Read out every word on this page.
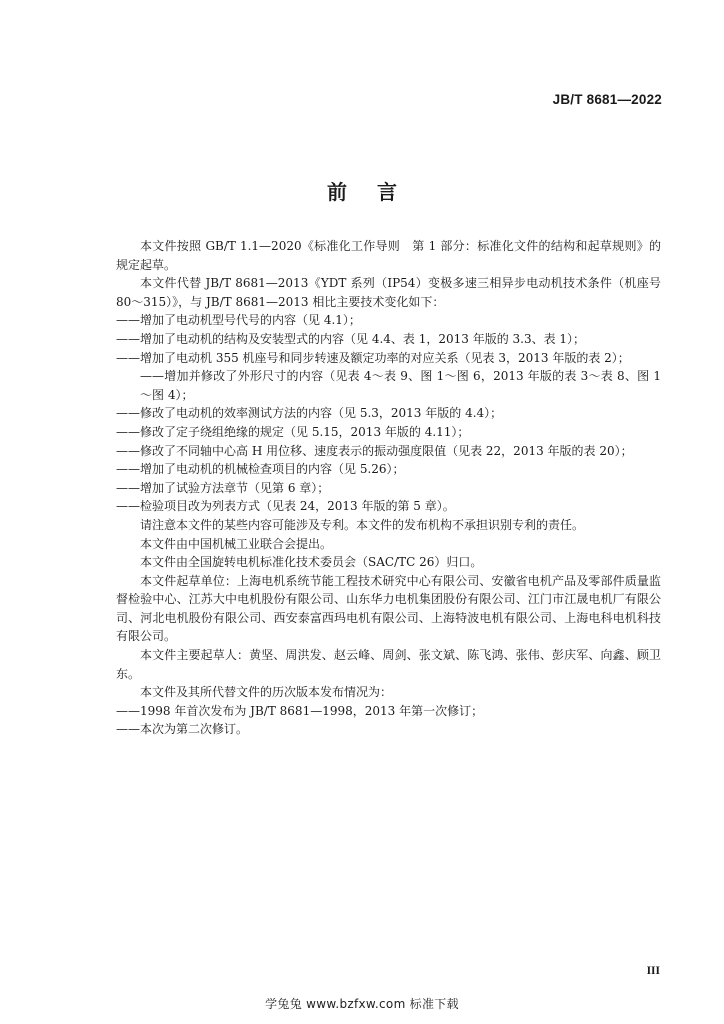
JB/T 8681—2022
前言

本文件按照 GB/T 1.1—2020《标准化工作导则　第 1 部分：标准化文件的结构和起草规则》的规定起草。

本文件代替 JB/T 8681—2013《YDT 系列（IP54）变极多速三相异步电动机技术条件（机座号 80～315）》，与 JB/T 8681—2013 相比主要技术变化如下：

——增加了电动机型号代号的内容（见 4.1）；

——增加了电动机的结构及安装型式的内容（见 4.4、表 1，2013 年版的 3.3、表 1）；

——增加了电动机 355 机座号和同步转速及额定功率的对应关系（见表 3，2013 年版的表 2）；

——增加并修改了外形尺寸的内容（见表 4～表 9、图 1～图 6，2013 年版的表 3～表 8、图 1～图 4）；

——修改了电动机的效率测试方法的内容（见 5.3，2013 年版的 4.4）；

——修改了定子绕组绝缘的规定（见 5.15，2013 年版的 4.11）；

——修改了不同轴中心高 H 用位移、速度表示的振动强度限值（见表 22，2013 年版的表 20）；

——增加了电动机的机械检查项目的内容（见 5.26）；

——增加了试验方法章节（见第 6 章）；

——检验项目改为列表方式（见表 24，2013 年版的第 5 章）。

请注意本文件的某些内容可能涉及专利。本文件的发布机构不承担识别专利的责任。

本文件由中国机械工业联合会提出。

本文件由全国旋转电机标准化技术委员会（SAC/TC 26）归口。

本文件起草单位：上海电机系统节能工程技术研究中心有限公司、安徽省电机产品及零部件质量监督检验中心、江苏大中电机股份有限公司、山东华力电机集团股份有限公司、江门市江晟电机厂有限公司、河北电机股份有限公司、西安泰富西玛电机有限公司、上海特波电机有限公司、上海电科电机科技有限公司。

本文件主要起草人：黄坚、周洪发、赵云峰、周剑、张文斌、陈飞鸿、张伟、彭庆军、向鑫、顾卫东。

本文件及其所代替文件的历次版本发布情况为：

——1998 年首次发布为 JB/T 8681—1998，2013 年第一次修订；

——本次为第二次修订。

III
学兔兔 www.bzfxw.com 标准下载
